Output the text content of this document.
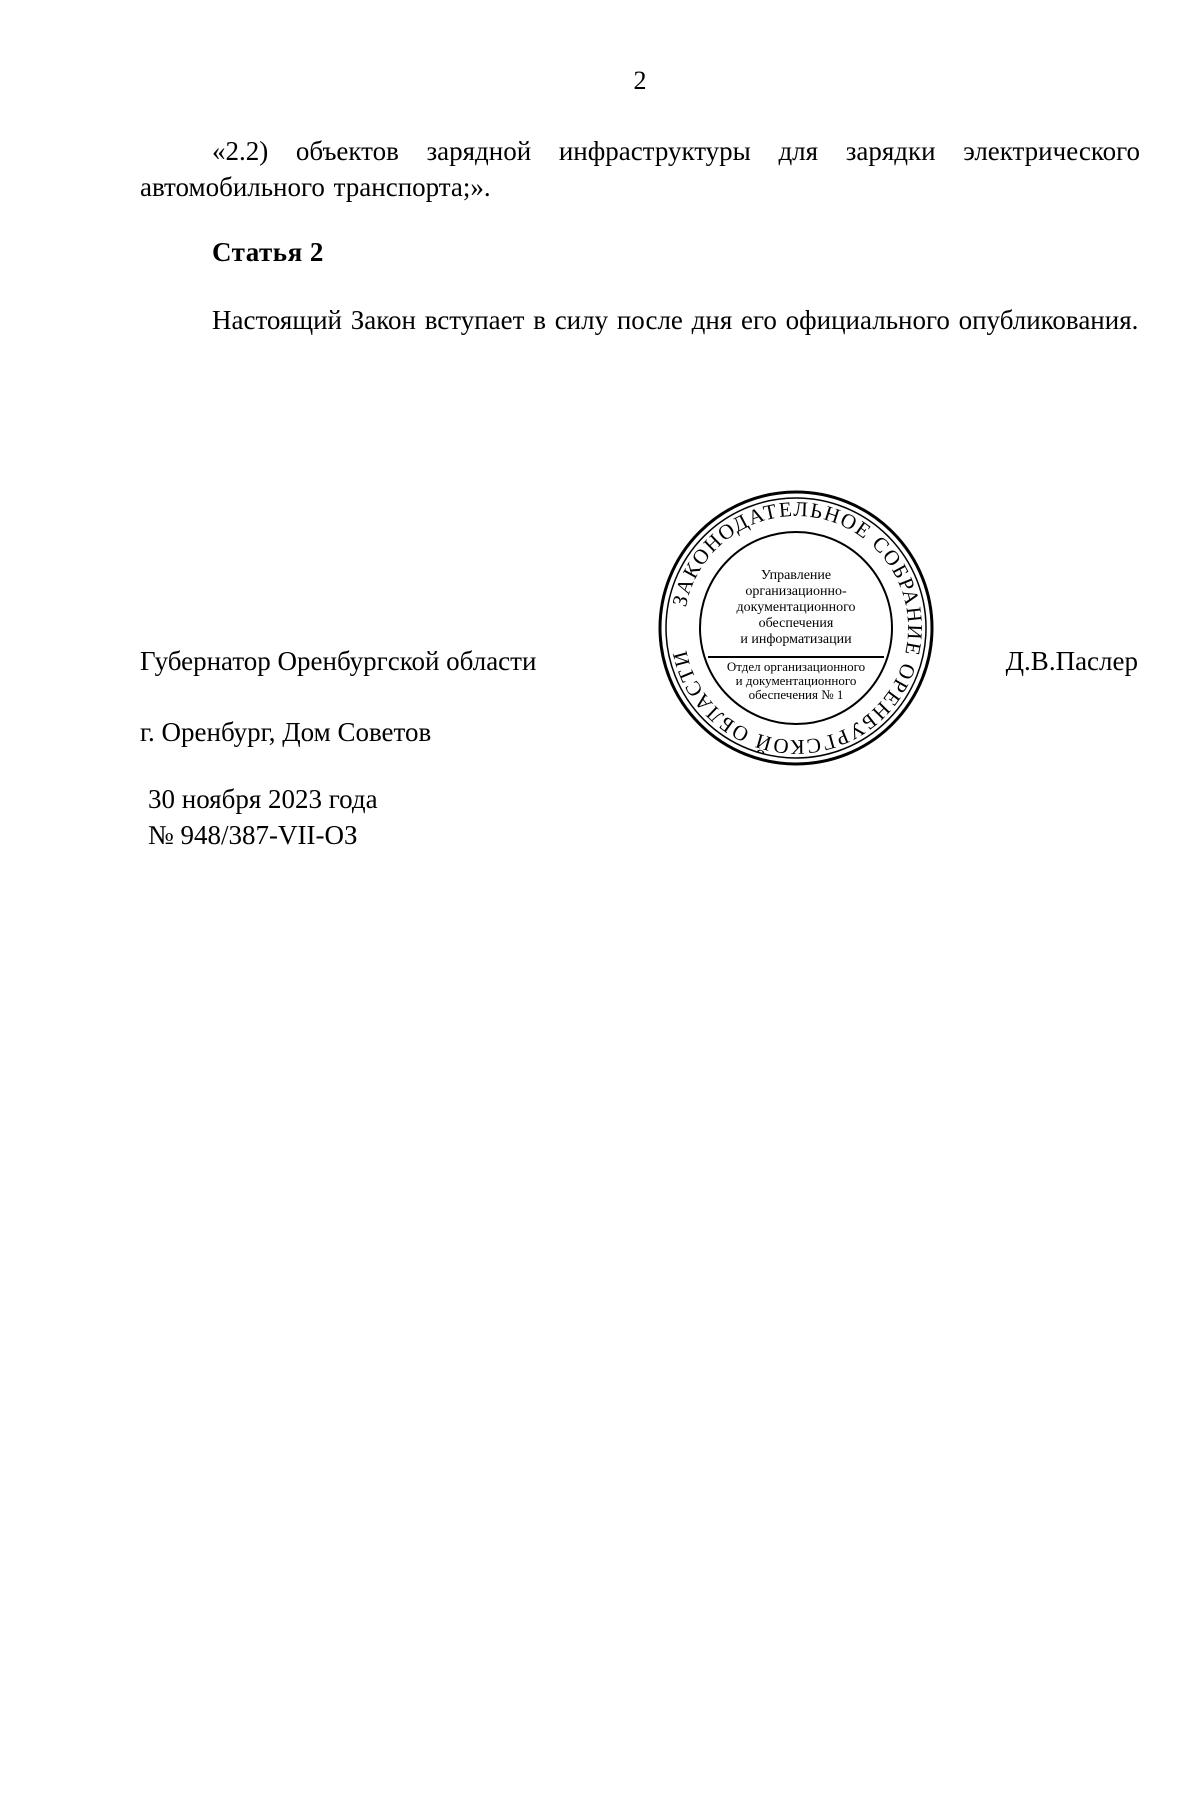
2
«2.2) объектов зарядной инфраструктуры для зарядки электрического автомобильного транспорта;».
Статья 2
Настоящий Закон вступает в силу после дня его официального опубликования.
Губернатор Оренбургской области
ЗАКОНОДАТЕЛЬНОЕ СОБРАНИЕ ОРЕНБУРГСКОЙ ОБЛАСТИ
Управление
организационно-
документационного
обеспечения
и информатизации
Отдел организационного
и документационного
обеспечения № 1
Д.В.Паслер
г. Оренбург, Дом Советов
30 ноября 2023 года
№ 948/387-VII-ОЗ
